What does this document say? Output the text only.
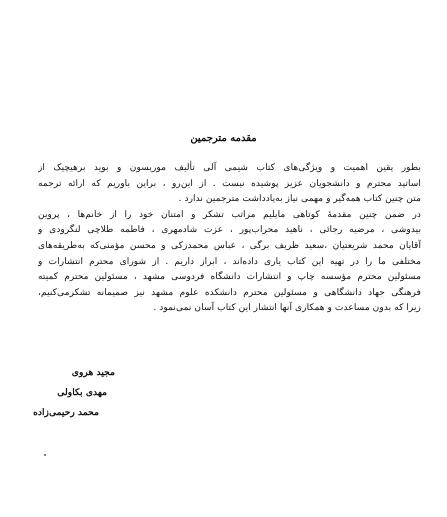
مقدمه مترجمين
بطور يقين اهميت و ويژگی‌های کتاب شيمی آلی تأليف موريسون و بويد برهيچيک از
اساتيد محترم و دانشجويان عزيز پوشيده نيست . از اين‌رو ، براين باوريم که ارائه ترجمه
متن چنين کتاب همه‌گير و مهمی نياز به‌يادداشت مترجمين ندارد .
در ضمن چنين مقدمهٔ کوتاهی مايليم مراتب تشکر و امتنان خود را از خانم‌ها ، پروين
بيدوشی ، مرضيه رجائی ، ناهيد محراب‌پور ، عزت شاد‌مهری ، فاطمه طلاچی لنگرودی و
آقايان محمد شريعتيان ،سعيد ظريف برگی ، عباس محمد‌زکی و محسن مؤمنی‌که به‌طريقه‌های
مختلفی ما را در تهيه اين کتاب ياری داده‌اند ، ابراز داريم . از شورای محترم انتشارات و
مسئولين محترم مؤسسه چاپ و انتشارات دانشگاه فردوسی مشهد ، مسئولين محترم کميته
فرهنگی جهاد دانشگاهی و مسئولين محترم دانشکده علوم مشهد نيز صميمانه تشکرمی‌کنيم،
زيرا که بدون مساعدت و همکاری آنها انتشار اين کتاب آسان نمی‌نمود .
مجيد هروی
مهدی بکاولی
محمد رحيمی‌زاده
